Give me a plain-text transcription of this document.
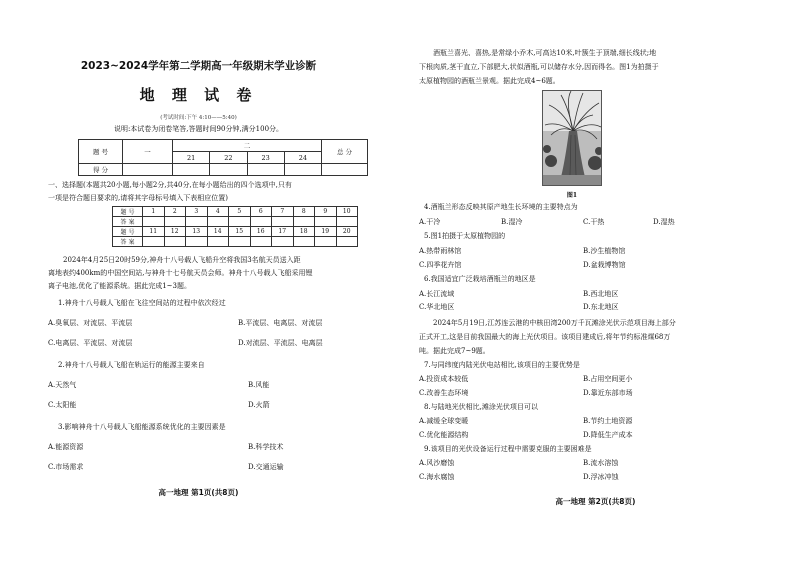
2023~2024学年第二学期高一年级期末学业诊断
地 理 试 卷
(考试时间:下午 4:10——5:40)
说明:本试卷为闭卷笔答,答题时间90分钟,满分100分。
题 号	一	二				总 分
		21	22	23	24	
得 分						
一、选择题(本题共20小题,每小题2分,共40分,在每小题给出的四个选项中,只有
一项是符合题目要求的,请将其字母标号填入下表相应位置)
题 号	1	2	3	4	5	6	7	8	9	10
答 案										
题 号	11	12	13	14	15	16	17	18	19	20
答 案										
2024年4月25日20时59分,神舟十八号载人飞船升空将我国3名航天员送入距
离地表约400km的中国空间站,与神舟十七号航天员会师。神舟十八号载人飞船采用锂
离子电池,优化了能源系统。据此完成1~3题。
1.神舟十八号载人飞船在飞往空间站的过程中依次经过
A.臭氧层、对流层、平流层	B.平流层、电离层、对流层
C.电离层、平流层、对流层	D.对流层、平流层、电离层
2.神舟十八号载人飞船在轨运行的能源主要来自
A.天然气	B.风能
C.太阳能	D.火箭
3.影响神舟十八号载人飞船能源系统优化的主要因素是
A.能源资源	B.科学技术
C.市场需求	D.交通运输
高一地理 第1页(共8页)
酒瓶兰喜光、喜热,是常绿小乔木,可高达10米,叶簇生于顶端,细长线状;地
下根肉质,茎干直立,下部肥大,状似酒瓶,可以储存水分,因而得名。图1为拍摄于
太原植物园的酒瓶兰景观。据此完成4~6题。
图1
4.酒瓶兰形态反映其原产地生长环境的主要特点为
A.干冷	B.湿冷	C.干热	D.湿热
5.图1拍摄于太原植物园的
A.热带雨林馆	B.沙生植物馆
C.四季花卉馆	D.盆栽博物馆
6.我国适宜广泛栽培酒瓶兰的地区是
A.长江流域	B.西北地区
C.华北地区	D.东北地区
2024年5月19日,江苏连云港的中核田湾200万千瓦滩涂光伏示范项目海上部分
正式开工,这是目前我国最大的海上光伏项目。该项目建成后,将年节约标准煤68万
吨。据此完成7~9题。
7.与同纬度内陆光伏电站相比,该项目的主要优势是
A.投资成本较低	B.占用空间更小
C.改善生态环境	D.靠近东部市场
8.与陆地光伏相比,滩涂光伏项目可以
A.减缓全球变暖	B.节约土地资源
C.优化能源结构	D.降低生产成本
9.该项目的光伏设备运行过程中需要克服的主要困难是
A.风沙磨蚀	B.流水溶蚀
C.海水腐蚀	D.浮冰冲蚀
高一地理 第2页(共8页)
